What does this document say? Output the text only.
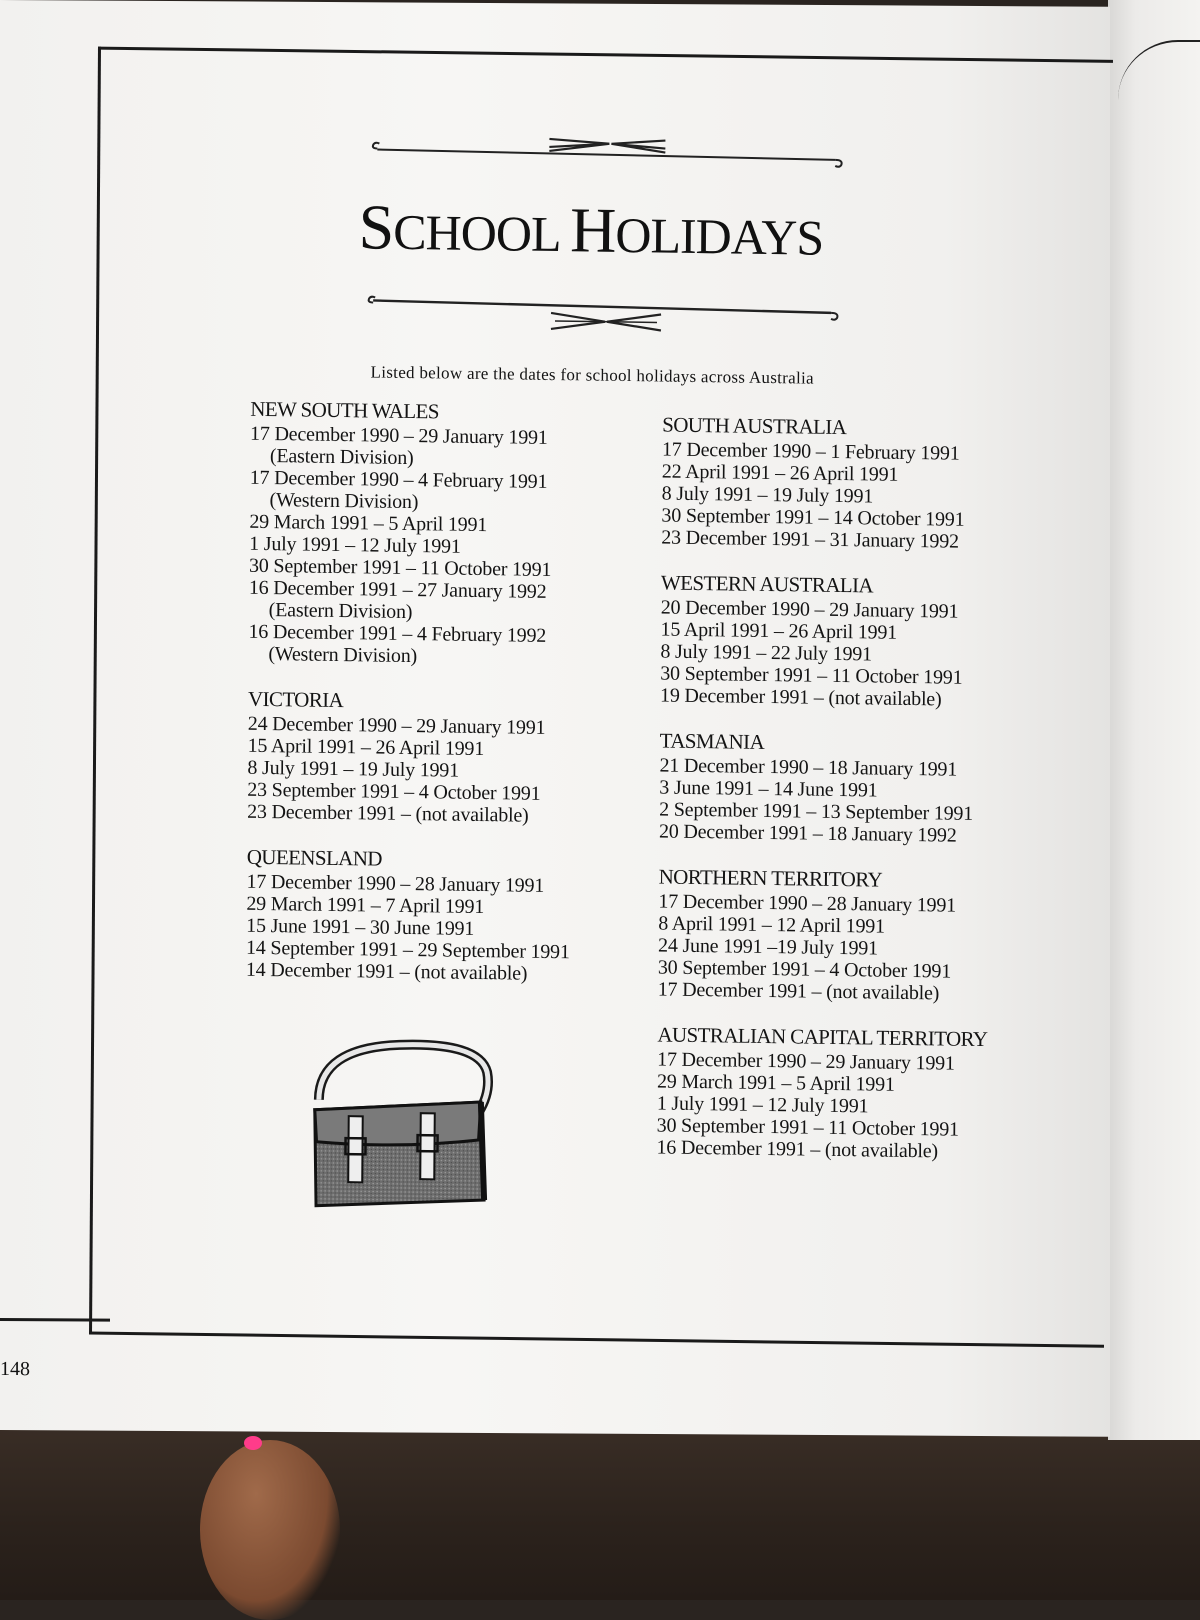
148
SCHOOL HOLIDAYS
Listed below are the dates for school holidays across Australia
NEW SOUTH WALES
17 December 1990 – 29 January 1991
(Eastern Division)
17 December 1990 – 4 February 1991
(Western Division)
29 March 1991 – 5 April 1991
1 July 1991 – 12 July 1991
30 September 1991 – 11 October 1991
16 December 1991 – 27 January 1992
(Eastern Division)
16 December 1991 – 4 February 1992
(Western Division)
VICTORIA
24 December 1990 – 29 January 1991
15 April 1991 – 26 April 1991
8 July 1991 – 19 July 1991
23 September 1991 – 4 October 1991
23 December 1991 – (not available)
QUEENSLAND
17 December 1990 – 28 January 1991
29 March 1991 – 7 April 1991
15 June 1991 – 30 June 1991
14 September 1991 – 29 September 1991
14 December 1991 – (not available)
SOUTH AUSTRALIA
17 December 1990 – 1 February 1991
22 April 1991 – 26 April 1991
8 July 1991 – 19 July 1991
30 September 1991 – 14 October 1991
23 December 1991 – 31 January 1992
WESTERN AUSTRALIA
20 December 1990 – 29 January 1991
15 April 1991 – 26 April 1991
8 July 1991 – 22 July 1991
30 September 1991 – 11 October 1991
19 December 1991 – (not available)
TASMANIA
21 December 1990 – 18 January 1991
3 June 1991 – 14 June 1991
2 September 1991 – 13 September 1991
20 December 1991 – 18 January 1992
NORTHERN TERRITORY
17 December 1990 – 28 January 1991
8 April 1991 – 12 April 1991
24 June 1991 –19 July 1991
30 September 1991 – 4 October 1991
17 December 1991 – (not available)
AUSTRALIAN CAPITAL TERRITORY
17 December 1990 – 29 January 1991
29 March 1991 – 5 April 1991
1 July 1991 – 12 July 1991
30 September 1991 – 11 October 1991
16 December 1991 – (not available)
